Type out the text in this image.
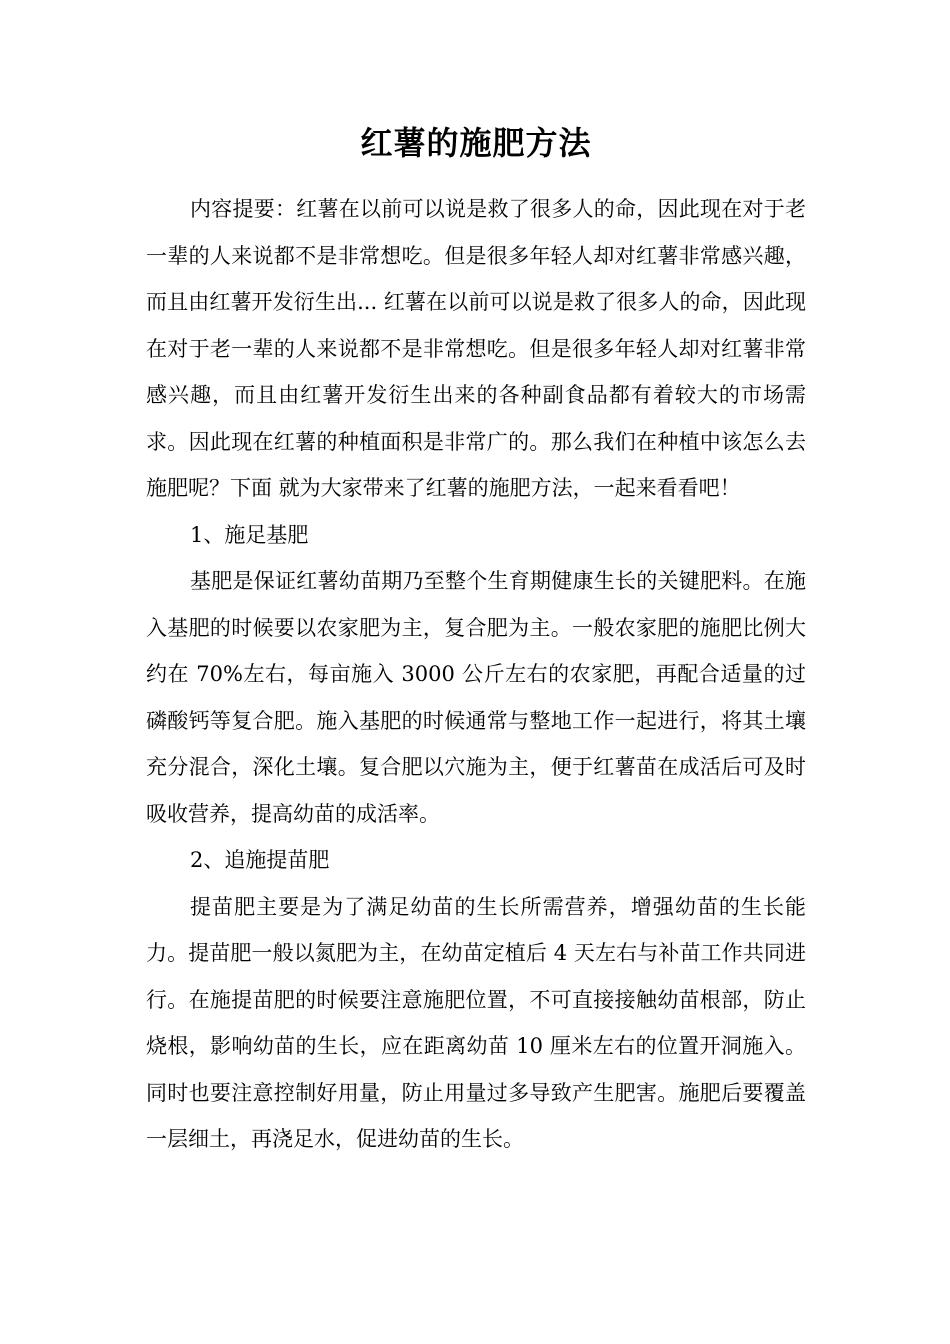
红薯的施肥方法

内容提要：红薯在以前可以说是救了很多人的命，因此现在对于老一辈的人来说都不是非常想吃。但是很多年轻人却对红薯非常感兴趣，而且由红薯开发衍生出... 红薯在以前可以说是救了很多人的命，因此现在对于老一辈的人来说都不是非常想吃。但是很多年轻人却对红薯非常感兴趣，而且由红薯开发衍生出来的各种副食品都有着较大的市场需求。因此现在红薯的种植面积是非常广的。那么我们在种植中该怎么去施肥呢？下面 就为大家带来了红薯的施肥方法，一起来看看吧！

1、施足基肥

基肥是保证红薯幼苗期乃至整个生育期健康生长的关键肥料。在施入基肥的时候要以农家肥为主，复合肥为主。一般农家肥的施肥比例大约在 70%左右，每亩施入 3000 公斤左右的农家肥，再配合适量的过磷酸钙等复合肥。施入基肥的时候通常与整地工作一起进行，将其土壤充分混合，深化土壤。复合肥以穴施为主，便于红薯苗在成活后可及时吸收营养，提高幼苗的成活率。

2、追施提苗肥

提苗肥主要是为了满足幼苗的生长所需营养，增强幼苗的生长能力。提苗肥一般以氮肥为主，在幼苗定植后 4 天左右与补苗工作共同进行。在施提苗肥的时候要注意施肥位置，不可直接接触幼苗根部，防止烧根，影响幼苗的生长，应在距离幼苗 10 厘米左右的位置开洞施入。同时也要注意控制好用量，防止用量过多导致产生肥害。施肥后要覆盖一层细土，再浇足水，促进幼苗的生长。
